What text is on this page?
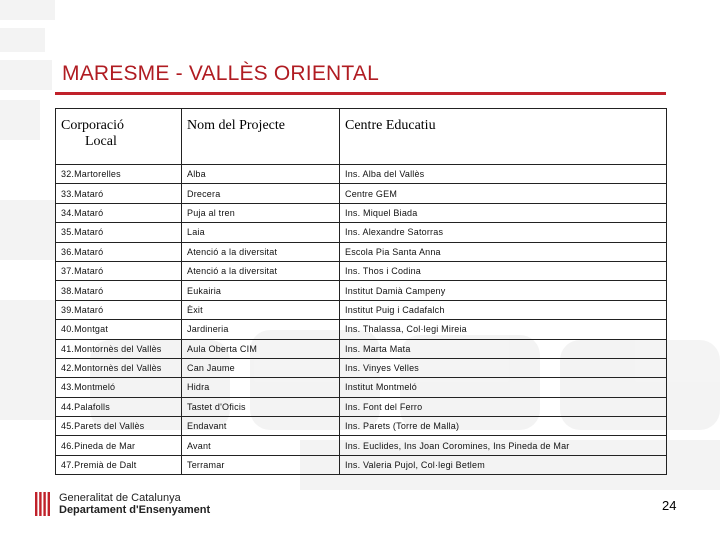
MARESME - VALLÈS ORIENTAL
Corporació
Local	Nom del Projecte	Centre Educatiu
32.Martorelles	Alba	Ins. Alba del Vallès
33.Mataró	Drecera	Centre GEM
34.Mataró	Puja al tren	Ins. Miquel Biada
35.Mataró	Laia	Ins. Alexandre Satorras
36.Mataró	Atenció a la diversitat	Escola Pia Santa Anna
37.Mataró	Atenció a la diversitat	Ins. Thos i Codina
38.Mataró	Eukairia	Institut Damià Campeny
39.Mataró	Èxit	Institut Puig i Cadafalch
40.Montgat	Jardineria	Ins. Thalassa, Col·legi Mireia
41.Montornès del Vallès	Aula Oberta CIM	Ins. Marta Mata
42.Montornès del Vallès	Can Jaume	Ins. Vinyes Velles
43.Montmeló	Hidra	Institut Montmeló
44.Palafolls	Tastet d'Oficis	Ins. Font del Ferro
45.Parets del Vallès	Endavant	Ins. Parets (Torre de Malla)
46.Pineda de Mar	Avant	Ins. Euclides, Ins Joan Coromines, Ins Pineda de Mar
47.Premià de Dalt	Terramar	Ins. Valeria Pujol, Col·legi Betlem
Generalitat de Catalunya
Departament d'Ensenyament	24
